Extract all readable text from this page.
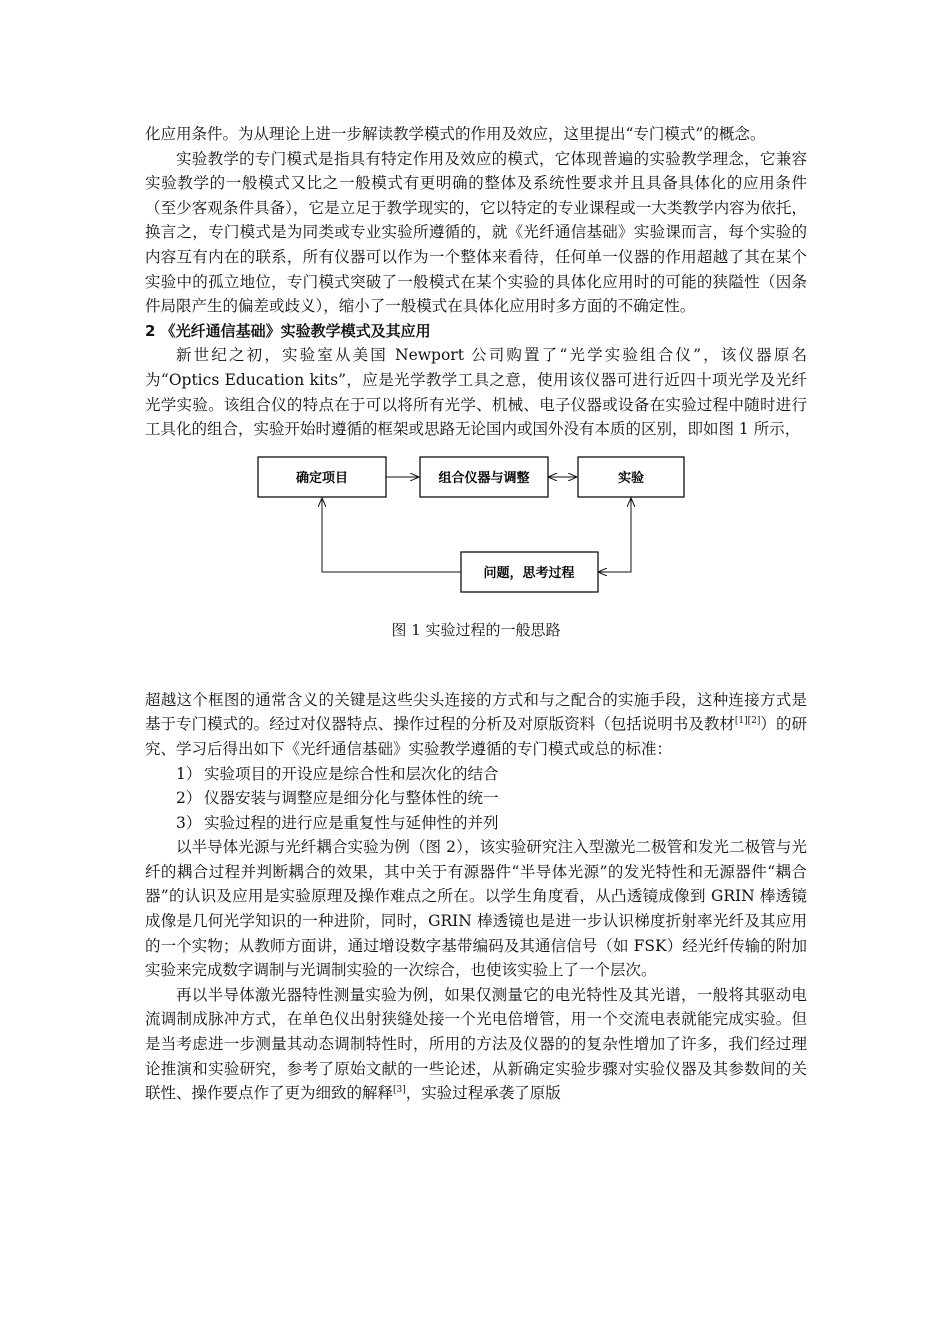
化应用条件。为从理论上进一步解读教学模式的作用及效应，这里提出“专门模式”的概念。

实验教学的专门模式是指具有特定作用及效应的模式，它体现普遍的实验教学理念，它兼容实验教学的一般模式又比之一般模式有更明确的整体及系统性要求并且具备具体化的应用条件（至少客观条件具备），它是立足于教学现实的，它以特定的专业课程或一大类教学内容为依托，换言之，专门模式是为同类或专业实验所遵循的，就《光纤通信基础》实验课而言，每个实验的内容互有内在的联系，所有仪器可以作为一个整体来看待，任何单一仪器的作用超越了其在某个实验中的孤立地位，专门模式突破了一般模式在某个实验的具体化应用时的可能的狭隘性（因条件局限产生的偏差或歧义），缩小了一般模式在具体化应用时多方面的不确定性。

2 《光纤通信基础》实验教学模式及其应用

新世纪之初，实验室从美国 Newport 公司购置了“光学实验组合仪”，该仪器原名为“Optics Education kits”，应是光学教学工具之意，使用该仪器可进行近四十项光学及光纤光学实验。该组合仪的特点在于可以将所有光学、机械、电子仪器或设备在实验过程中随时进行工具化的组合，实验开始时遵循的框架或思路无论国内或国外没有本质的区别，即如图 1 所示，

确定项目	组合仪器与调整	实验
问题，思考过程
图 1 实验过程的一般思路

超越这个框图的通常含义的关键是这些尖头连接的方式和与之配合的实施手段，这种连接方式是基于专门模式的。经过对仪器特点、操作过程的分析及对原版资料（包括说明书及教材[1][2]）的研究、学习后得出如下《光纤通信基础》实验教学遵循的专门模式或总的标准：

1） 实验项目的开设应是综合性和层次化的结合

2） 仪器安装与调整应是细分化与整体性的统一

3） 实验过程的进行应是重复性与延伸性的并列

以半导体光源与光纤耦合实验为例（图 2），该实验研究注入型激光二极管和发光二极管与光纤的耦合过程并判断耦合的效果，其中关于有源器件“半导体光源”的发光特性和无源器件“耦合器”的认识及应用是实验原理及操作难点之所在。以学生角度看，从凸透镜成像到 GRIN 棒透镜成像是几何光学知识的一种进阶，同时，GRIN 棒透镜也是进一步认识梯度折射率光纤及其应用的一个实物；从教师方面讲，通过增设数字基带编码及其通信信号（如 FSK）经光纤传输的附加实验来完成数字调制与光调制实验的一次综合，也使该实验上了一个层次。

再以半导体激光器特性测量实验为例，如果仅测量它的电光特性及其光谱，一般将其驱动电流调制成脉冲方式，在单色仪出射狭缝处接一个光电倍增管，用一个交流电表就能完成实验。但是当考虑进一步测量其动态调制特性时，所用的方法及仪器的的复杂性增加了许多，我们经过理论推演和实验研究，参考了原始文献的一些论述，从新确定实验步骤对实验仪器及其参数间的关联性、操作要点作了更为细致的解释[3]，实验过程承袭了原版
